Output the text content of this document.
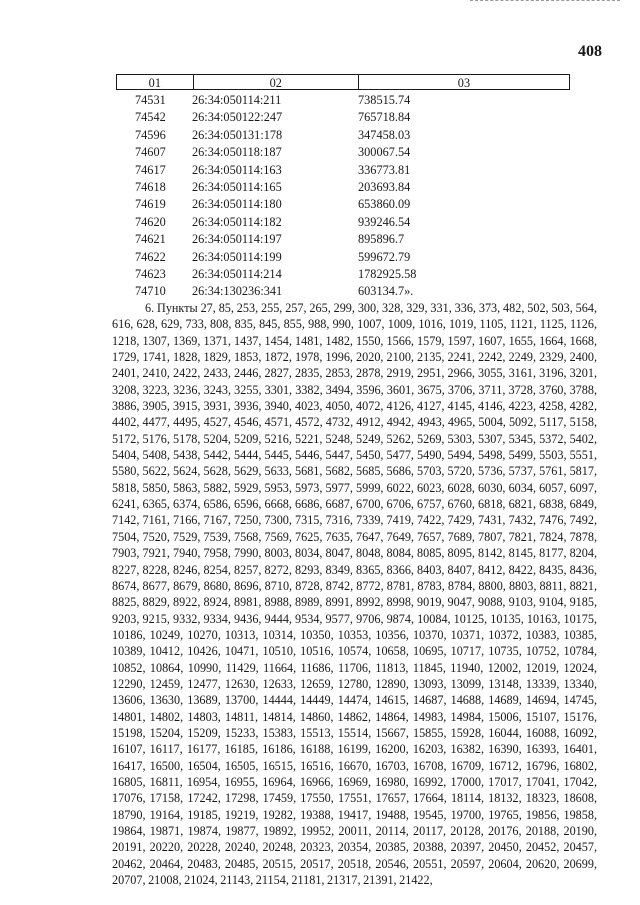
408
01	02	03
74531	26:34:050114:211	738515.74
74542	26:34:050122:247	765718.84
74596	26:34:050131:178	347458.03
74607	26:34:050118:187	300067.54
74617	26:34:050114:163	336773.81
74618	26:34:050114:165	203693.84
74619	26:34:050114:180	653860.09
74620	26:34:050114:182	939246.54
74621	26:34:050114:197	895896.7
74622	26:34:050114:199	599672.79
74623	26:34:050114:214	1782925.58
74710	26:34:130236:341	603134.7».
6. Пункты 27, 85, 253, 255, 257, 265, 299, 300, 328, 329, 331, 336, 373, 482, 502, 503, 564, 616, 628, 629, 733, 808, 835, 845, 855, 988, 990, 1007, 1009, 1016, 1019, 1105, 1121, 1125, 1126, 1218, 1307, 1369, 1371, 1437, 1454, 1481, 1482, 1550, 1566, 1579, 1597, 1607, 1655, 1664, 1668, 1729, 1741, 1828, 1829, 1853, 1872, 1978, 1996, 2020, 2100, 2135, 2241, 2242, 2249, 2329, 2400, 2401, 2410, 2422, 2433, 2446, 2827, 2835, 2853, 2878, 2919, 2951, 2966, 3055, 3161, 3196, 3201, 3208, 3223, 3236, 3243, 3255, 3301, 3382, 3494, 3596, 3601, 3675, 3706, 3711, 3728, 3760, 3788, 3886, 3905, 3915, 3931, 3936, 3940, 4023, 4050, 4072, 4126, 4127, 4145, 4146, 4223, 4258, 4282, 4402, 4477, 4495, 4527, 4546, 4571, 4572, 4732, 4912, 4942, 4943, 4965, 5004, 5092, 5117, 5158, 5172, 5176, 5178, 5204, 5209, 5216, 5221, 5248, 5249, 5262, 5269, 5303, 5307, 5345, 5372, 5402, 5404, 5408, 5438, 5442, 5444, 5445, 5446, 5447, 5450, 5477, 5490, 5494, 5498, 5499, 5503, 5551, 5580, 5622, 5624, 5628, 5629, 5633, 5681, 5682, 5685, 5686, 5703, 5720, 5736, 5737, 5761, 5817, 5818, 5850, 5863, 5882, 5929, 5953, 5973, 5977, 5999, 6022, 6023, 6028, 6030, 6034, 6057, 6097, 6241, 6365, 6374, 6586, 6596, 6668, 6686, 6687, 6700, 6706, 6757, 6760, 6818, 6821, 6838, 6849, 7142, 7161, 7166, 7167, 7250, 7300, 7315, 7316, 7339, 7419, 7422, 7429, 7431, 7432, 7476, 7492, 7504, 7520, 7529, 7539, 7568, 7569, 7625, 7635, 7647, 7649, 7657, 7689, 7807, 7821, 7824, 7878, 7903, 7921, 7940, 7958, 7990, 8003, 8034, 8047, 8048, 8084, 8085, 8095, 8142, 8145, 8177, 8204, 8227, 8228, 8246, 8254, 8257, 8272, 8293, 8349, 8365, 8366, 8403, 8407, 8412, 8422, 8435, 8436, 8674, 8677, 8679, 8680, 8696, 8710, 8728, 8742, 8772, 8781, 8783, 8784, 8800, 8803, 8811, 8821, 8825, 8829, 8922, 8924, 8981, 8988, 8989, 8991, 8992, 8998, 9019, 9047, 9088, 9103, 9104, 9185, 9203, 9215, 9332, 9334, 9436, 9444, 9534, 9577, 9706, 9874, 10084, 10125, 10135, 10163, 10175, 10186, 10249, 10270, 10313, 10314, 10350, 10353, 10356, 10370, 10371, 10372, 10383, 10385, 10389, 10412, 10426, 10471, 10510, 10516, 10574, 10658, 10695, 10717, 10735, 10752, 10784, 10852, 10864, 10990, 11429, 11664, 11686, 11706, 11813, 11845, 11940, 12002, 12019, 12024, 12290, 12459, 12477, 12630, 12633, 12659, 12780, 12890, 13093, 13099, 13148, 13339, 13340, 13606, 13630, 13689, 13700, 14444, 14449, 14474, 14615, 14687, 14688, 14689, 14694, 14745, 14801, 14802, 14803, 14811, 14814, 14860, 14862, 14864, 14983, 14984, 15006, 15107, 15176, 15198, 15204, 15209, 15233, 15383, 15513, 15514, 15667, 15855, 15928, 16044, 16088, 16092, 16107, 16117, 16177, 16185, 16186, 16188, 16199, 16200, 16203, 16382, 16390, 16393, 16401, 16417, 16500, 16504, 16505, 16515, 16516, 16670, 16703, 16708, 16709, 16712, 16796, 16802, 16805, 16811, 16954, 16955, 16964, 16966, 16969, 16980, 16992, 17000, 17017, 17041, 17042, 17076, 17158, 17242, 17298, 17459, 17550, 17551, 17657, 17664, 18114, 18132, 18323, 18608, 18790, 19164, 19185, 19219, 19282, 19388, 19417, 19488, 19545, 19700, 19765, 19856, 19858, 19864, 19871, 19874, 19877, 19892, 19952, 20011, 20114, 20117, 20128, 20176, 20188, 20190, 20191, 20220, 20228, 20240, 20248, 20323, 20354, 20385, 20388, 20397, 20450, 20452, 20457, 20462, 20464, 20483, 20485, 20515, 20517, 20518, 20546, 20551, 20597, 20604, 20620, 20699, 20707, 21008, 21024, 21143, 21154, 21181, 21317, 21391, 21422,
